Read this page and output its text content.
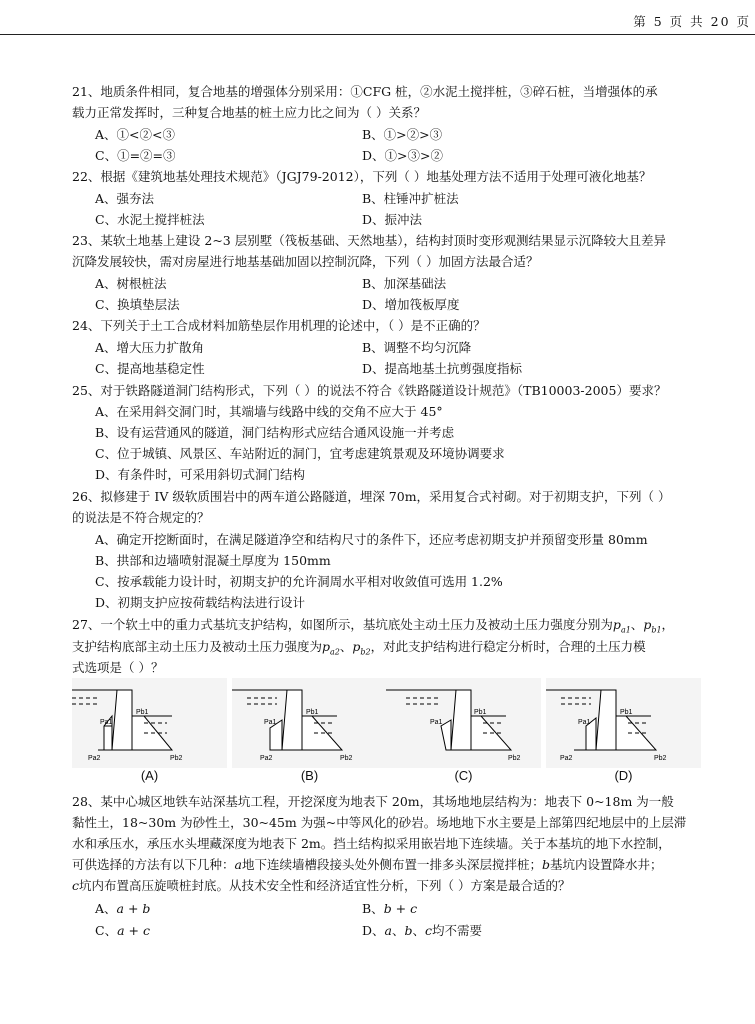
第 5 页 共 20 页
21、地质条件相同，复合地基的增强体分别采用：①CFG 桩，②水泥土搅拌桩，③碎石桩，当增强体的承
载力正常发挥时，三种复合地基的桩土应力比之间为（ ）关系？
A、①<②<③	B、①>②>③
C、①=②=③	D、①>③>②
22、根据《建筑地基处理技术规范》（JGJ79-2012），下列（ ）地基处理方法不适用于处理可液化地基？
A、强夯法	B、柱锤冲扩桩法
C、水泥土搅拌桩法	D、振冲法
23、某软土地基上建设 2~3 层别墅（筏板基础、天然地基），结构封顶时变形观测结果显示沉降较大且差异
沉降发展较快，需对房屋进行地基基础加固以控制沉降，下列（ ）加固方法最合适？
A、树根桩法	B、加深基础法
C、换填垫层法	D、增加筏板厚度
24、下列关于土工合成材料加筋垫层作用机理的论述中，（ ）是不正确的？
A、增大压力扩散角	B、调整不均匀沉降
C、提高地基稳定性	D、提高地基土抗剪强度指标
25、对于铁路隧道洞门结构形式，下列（ ）的说法不符合《铁路隧道设计规范》（TB10003-2005）要求？
A、在采用斜交洞门时，其端墙与线路中线的交角不应大于 45°
B、设有运营通风的隧道，洞门结构形式应结合通风设施一并考虑
C、位于城镇、风景区、车站附近的洞门，宜考虑建筑景观及环境协调要求
D、有条件时，可采用斜切式洞门结构
26、拟修建于 IV 级软质围岩中的两车道公路隧道，埋深 70m，采用复合式衬砌。对于初期支护，下列（ ）
的说法是不符合规定的？
A、确定开挖断面时，在满足隧道净空和结构尺寸的条件下，还应考虑初期支护并预留变形量 80mm
B、拱部和边墙喷射混凝土厚度为 150mm
C、按承载能力设计时，初期支护的允许洞周水平相对收敛值可选用 1.2%
D、初期支护应按荷载结构法进行设计
27、一个软土中的重力式基坑支护结构，如图所示，基坑底处主动土压力及被动土压力强度分别为$p_{a1}$、$p_{b1}$，
支护结构底部主动土压力及被动土压力强度为$p_{a2}$、$p_{b2}$，对此支护结构进行稳定分析时，合理的土压力模
式选项是（ ）？
Pa1
Pb1
Pa2	Pb2
(A)
Pa1
Pb1
Pa2	Pb2
(B)
Pa1
Pb1
Pb2
(C)
Pa1
Pb1
Pa2	Pb2
(D)
28、某中心城区地铁车站深基坑工程，开挖深度为地表下 20m，其场地地层结构为：地表下 0~18m 为一般
黏性土，18~30m 为砂性土，30~45m 为强~中等风化的砂岩。场地地下水主要是上部第四纪地层中的上层滞
水和承压水，承压水头埋藏深度为地表下 2m。挡土结构拟采用嵌岩地下连续墙。关于本基坑的地下水控制，
可供选择的方法有以下几种：a地下连续墙槽段接头处外侧布置一排多头深层搅拌桩；b基坑内设置降水井；
c坑内布置高压旋喷桩封底。从技术安全性和经济适宜性分析，下列（ ）方案是最合适的？
A、a + b	B、b + c
C、a + c	D、a、b、c均不需要
